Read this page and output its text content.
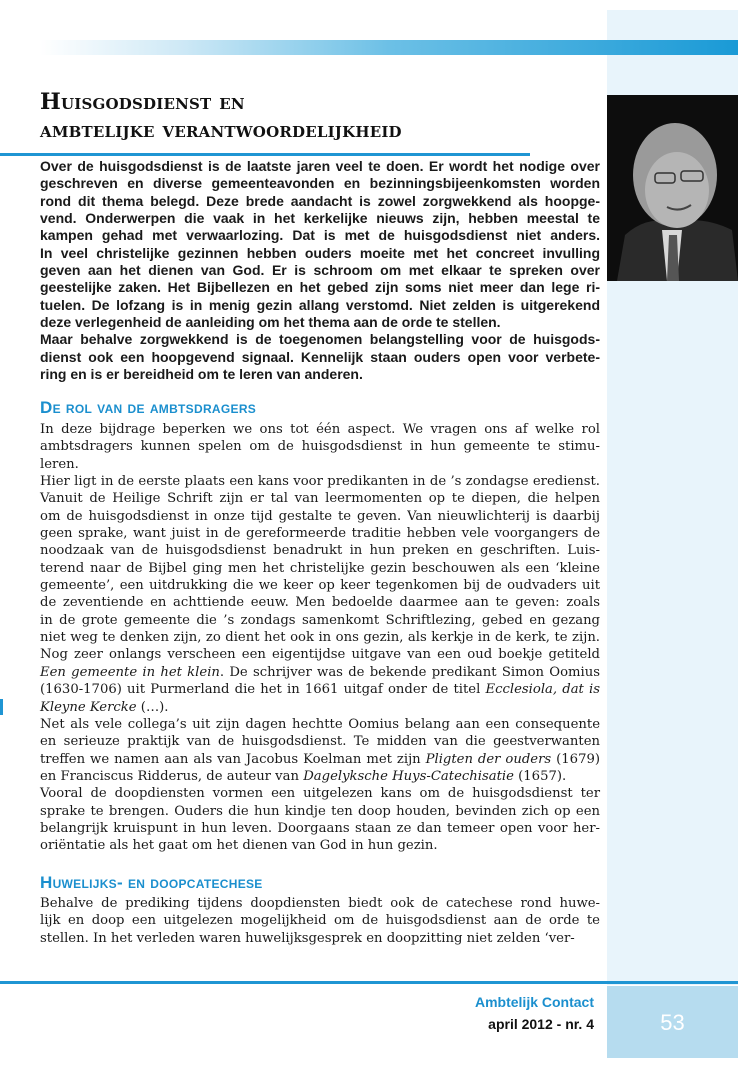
Huisgodsdienst en
ambtelijke verantwoordelijkheid
Over de huisgodsdienst is de laatste jaren veel te doen. Er wordt het nodige over
geschreven en diverse gemeenteavonden en bezinningsbijeenkomsten worden
rond dit thema belegd. Deze brede aandacht is zowel zorgwekkend als hoopge-
vend. Onderwerpen die vaak in het kerkelijke nieuws zijn, hebben meestal te
kampen gehad met verwaarlozing. Dat is met de huisgodsdienst niet anders.
In veel christelijke gezinnen hebben ouders moeite met het concreet invulling
geven aan het dienen van God. Er is schroom om met elkaar te spreken over
geestelijke zaken. Het Bijbellezen en het gebed zijn soms niet meer dan lege ri-
tuelen. De lofzang is in menig gezin allang verstomd. Niet zelden is uitgerekend
deze verlegenheid de aanleiding om het thema aan de orde te stellen.
Maar behalve zorgwekkend is de toegenomen belangstelling voor de huisgods-
dienst ook een hoopgevend signaal. Kennelijk staan ouders open voor verbete-
ring en is er bereidheid om te leren van anderen.
De rol van de ambtsdragers
In deze bijdrage beperken we ons tot één aspect. We vragen ons af welke rol
ambtsdragers kunnen spelen om de huisgodsdienst in hun gemeente te stimu-
leren.
Hier ligt in de eerste plaats een kans voor predikanten in de ’s zondagse eredienst.
Vanuit de Heilige Schrift zijn er tal van leermomenten op te diepen, die helpen
om de huisgodsdienst in onze tijd gestalte te geven. Van nieuwlichterij is daarbij
geen sprake, want juist in de gereformeerde traditie hebben vele voorgangers de
noodzaak van de huisgodsdienst benadrukt in hun preken en geschriften. Luis-
terend naar de Bijbel ging men het christelijke gezin beschouwen als een ‘kleine
gemeente’, een uitdrukking die we keer op keer tegenkomen bij de oudvaders uit
de zeventiende en achttiende eeuw. Men bedoelde daarmee aan te geven: zoals
in de grote gemeente die ’s zondags samenkomt Schriftlezing, gebed en gezang
niet weg te denken zijn, zo dient het ook in ons gezin, als kerkje in de kerk, te zijn.
Nog zeer onlangs verscheen een eigentijdse uitgave van een oud boekje getiteld
Een gemeente in het klein. De schrijver was de bekende predikant Simon Oomius
(1630-1706) uit Purmerland die het in 1661 uitgaf onder de titel Ecclesiola, dat is
Kleyne Kercke (…).
Net als vele collega’s uit zijn dagen hechtte Oomius belang aan een consequente
en serieuze praktijk van de huisgodsdienst. Te midden van die geestverwanten
treffen we namen aan als van Jacobus Koelman met zijn Pligten der ouders (1679)
en Franciscus Ridderus, de auteur van Dagelyksche Huys-Catechisatie (1657).
Vooral de doopdiensten vormen een uitgelezen kans om de huisgodsdienst ter
sprake te brengen. Ouders die hun kindje ten doop houden, bevinden zich op een
belangrijk kruispunt in hun leven. Doorgaans staan ze dan temeer open voor her-
oriëntatie als het gaat om het dienen van God in hun gezin.
Huwelijks- en doopcatechese
Behalve de prediking tijdens doopdiensten biedt ook de catechese rond huwe-
lijk en doop een uitgelezen mogelijkheid om de huisgodsdienst aan de orde te
stellen. In het verleden waren huwelijksgesprek en doopzitting niet zelden ‘ver-
Ambtelijk Contact
april 2012 - nr. 4	53
